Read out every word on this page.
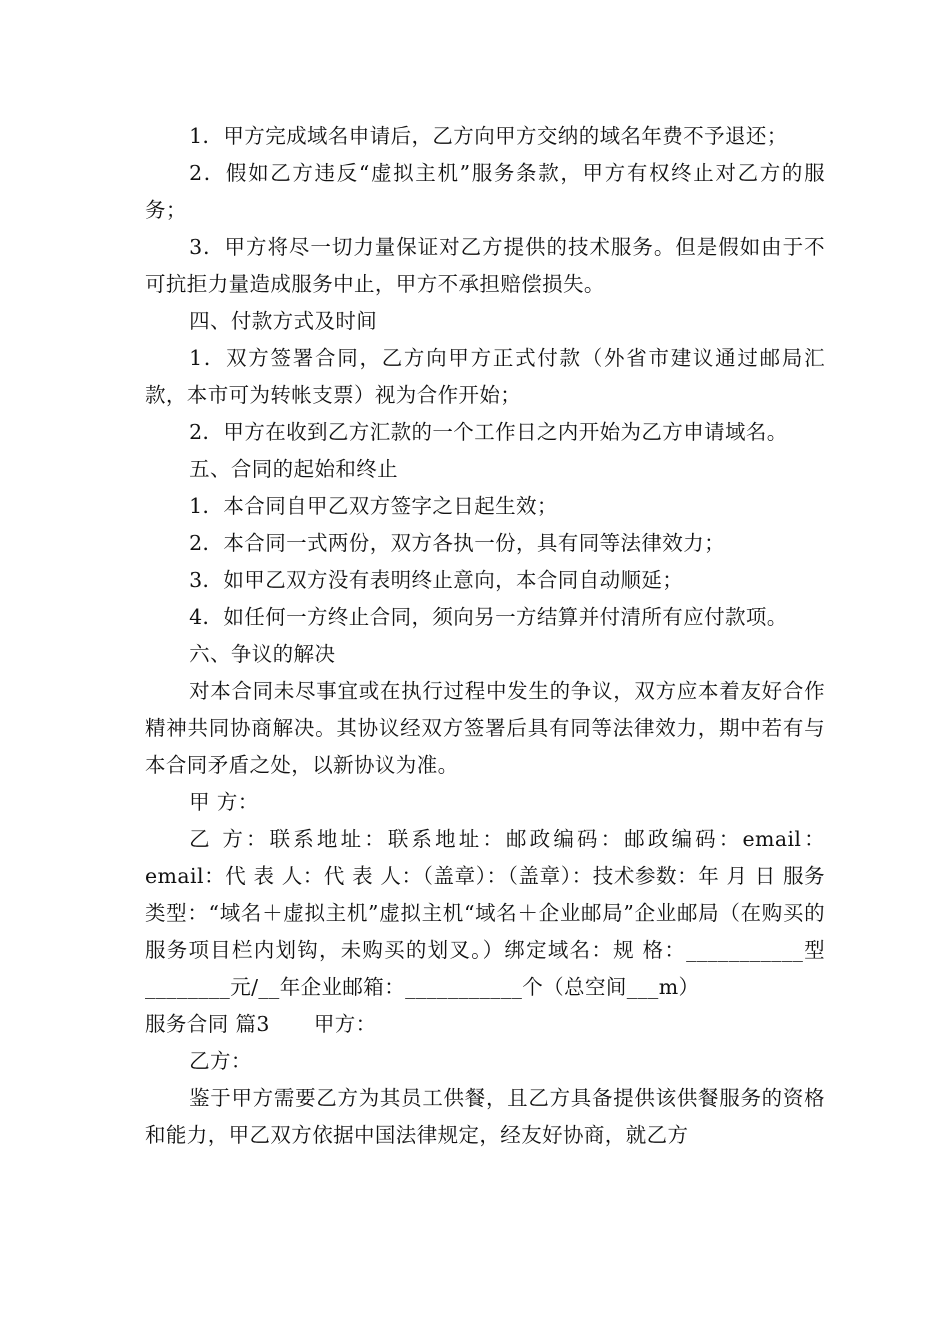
1．甲方完成域名申请后，乙方向甲方交纳的域名年费不予退还；

2．假如乙方违反“虚拟主机”服务条款，甲方有权终止对乙方的服务；

3．甲方将尽一切力量保证对乙方提供的技术服务。但是假如由于不可抗拒力量造成服务中止，甲方不承担赔偿损失。

四、付款方式及时间

1．双方签署合同，乙方向甲方正式付款（外省市建议通过邮局汇款，本市可为转帐支票）视为合作开始；

2．甲方在收到乙方汇款的一个工作日之内开始为乙方申请域名。

五、合同的起始和终止

1．本合同自甲乙双方签字之日起生效；

2．本合同一式两份，双方各执一份，具有同等法律效力；

3．如甲乙双方没有表明终止意向，本合同自动顺延；

4．如任何一方终止合同，须向另一方结算并付清所有应付款项。

六、争议的解决

对本合同未尽事宜或在执行过程中发生的争议，双方应本着友好合作精神共同协商解决。其协议经双方签署后具有同等法律效力，期中若有与本合同矛盾之处，以新协议为准。

甲 方：

乙 方：联系地址：联系地址：邮政编码：邮政编码：email：email：代 表 人：代 表 人：（盖章）：（盖章）：技术参数：年 月 日 服务类型：“域名＋虚拟主机”虚拟主机“域名＋企业邮局”企业邮局（在购买的服务项目栏内划钩，未购买的划叉。）绑定域名：规 格：___________型________元/__年企业邮箱：___________个（总空间___m）

服务合同 篇3 甲方：

乙方：

鉴于甲方需要乙方为其员工供餐，且乙方具备提供该供餐服务的资格和能力，甲乙双方依据中国法律规定，经友好协商，就乙方
